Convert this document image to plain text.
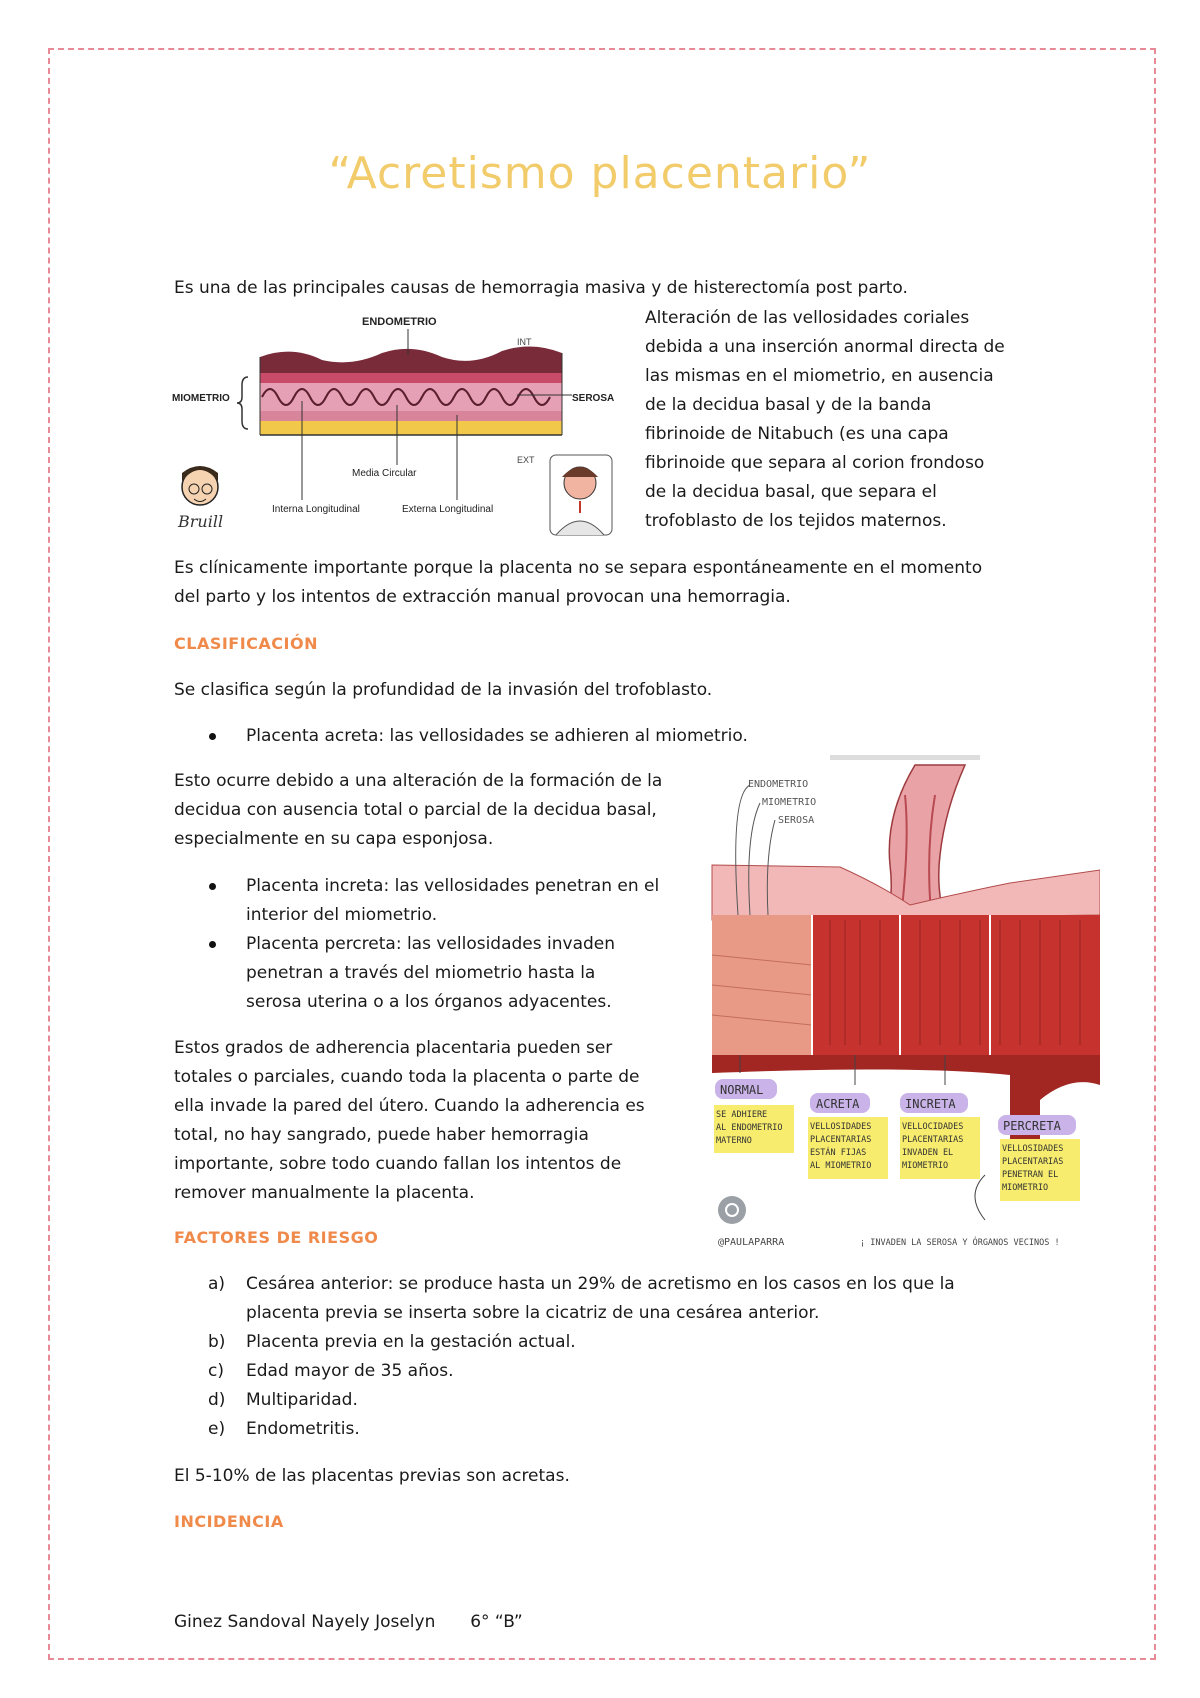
“Acretismo placentario”

Es una de las principales causas de hemorragia masiva y de histerectomía post parto.

ENDOMETRIO
MIOMETRIO	SEROSA
INT
EXT
Media Circular
Interna Longitudinal	Externa Longitudinal
Bruill

Alteración de las vellosidades coriales

debida a una inserción anormal directa de

las mismas en el miometrio, en ausencia

de la decidua basal y de la banda

fibrinoide de Nitabuch (es una capa

fibrinoide que separa al corion frondoso

de la decidua basal, que separa el

trofoblasto de los tejidos maternos.

Es clínicamente importante porque la placenta no se separa espontáneamente en el momento

del parto y los intentos de extracción manual provocan una hemorragia.

CLASIFICACIÓN

Se clasifica según la profundidad de la invasión del trofoblasto.

Placenta acreta: las vellosidades se adhieren al miometrio.

Esto ocurre debido a una alteración de la formación de la

decidua con ausencia total o parcial de la decidua basal,

especialmente en su capa esponjosa.

Placenta increta: las vellosidades penetran en el
interior del miometrio.
Placenta percreta: las vellosidades invaden
penetran a través del miometrio hasta la
serosa uterina o a los órganos adyacentes.

Estos grados de adherencia placentaria pueden ser

totales o parciales, cuando toda la placenta o parte de

ella invade la pared del útero. Cuando la adherencia es

total, no hay sangrado, puede haber hemorragia

importante, sobre todo cuando fallan los intentos de

remover manualmente la placenta.

ENDOMETRIO
MIOMETRIO
SEROSA
NORMAL
ACRETA	INCRETA
PERCRETA
SE ADHIERE AL ENDOMETRIO MATERNO
VELLOSIDADES PLACENTARIAS ESTÁN FIJAS AL MIOMETRIO
VELLOCIDADES PLACENTARIAS INVADEN EL MIOMETRIO
VELLOSIDADES PLACENTARIAS PENETRAN EL MIOMETRIO
@PAULAPARRA	¡ INVADEN LA SEROSA Y ÓRGANOS VECINOS !
FACTORES DE RIESGO
a) Cesárea anterior: se produce hasta un 29% de acretismo en los casos en los que la
placenta previa se inserta sobre la cicatriz de una cesárea anterior.
b) Placenta previa en la gestación actual.
c) Edad mayor de 35 años.
d) Multiparidad.
e) Endometritis.

El 5-10% de las placentas previas son acretas.

INCIDENCIA
Ginez Sandoval Nayely Joselyn 6° “B”
